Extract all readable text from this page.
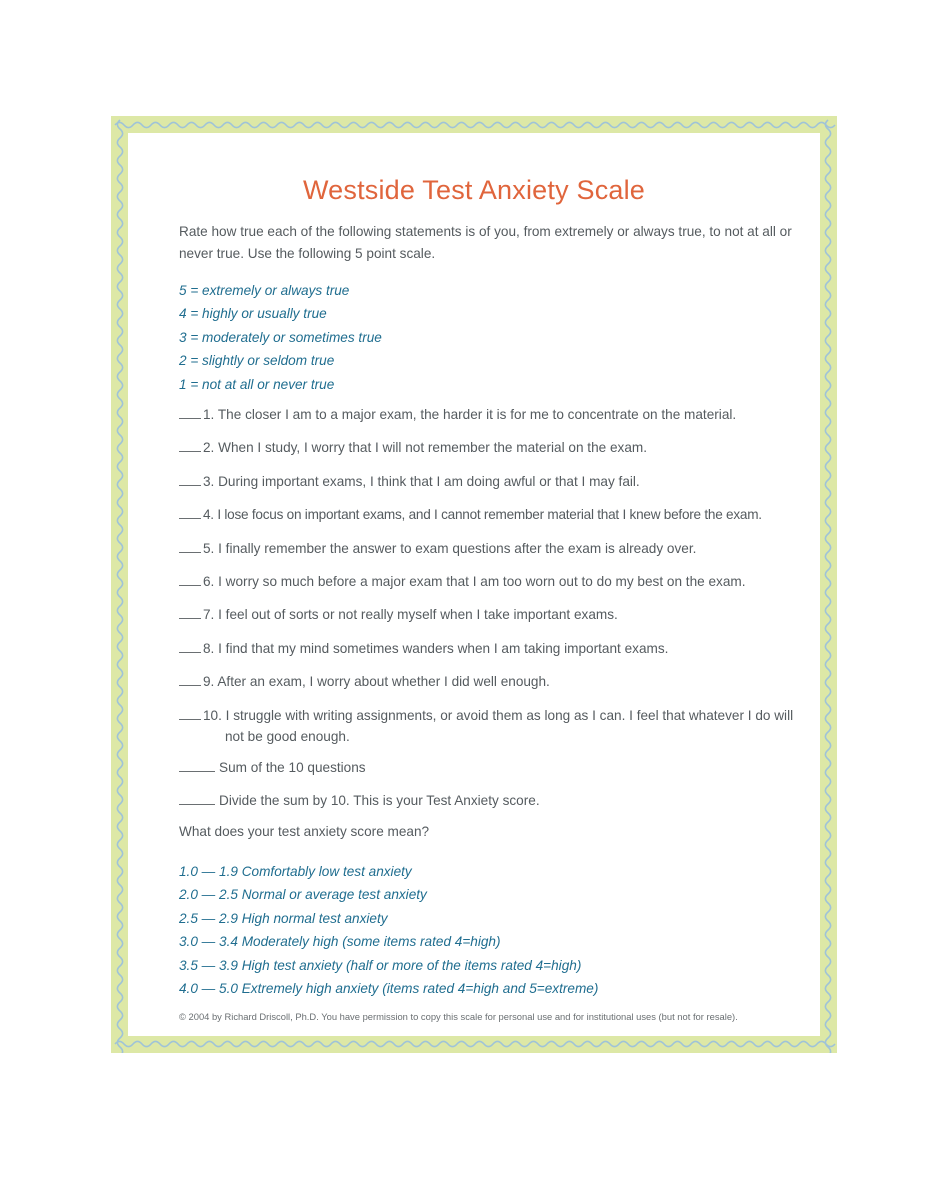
Westside Test Anxiety Scale
Rate how true each of the following statements is of you, from extremely or always true, to not at all or never true. Use the following 5 point scale.
5 = extremely or always true
4 = highly or usually true
3 = moderately or sometimes true
2 = slightly or seldom true
1 = not at all or never true
1. The closer I am to a major exam, the harder it is for me to concentrate on the material.
2. When I study, I worry that I will not remember the material on the exam.
3. During important exams, I think that I am doing awful or that I may fail.
4. I lose focus on important exams, and I cannot remember material that I knew before the exam.
5. I finally remember the answer to exam questions after the exam is already over.
6. I worry so much before a major exam that I am too worn out to do my best on the exam.
7. I feel out of sorts or not really myself when I take important exams.
8. I find that my mind sometimes wanders when I am taking important exams.
9. After an exam, I worry about whether I did well enough.
10. I struggle with writing assignments, or avoid them as long as I can. I feel that whatever I do will not be good enough.
Sum of the 10 questions
Divide the sum by 10. This is your Test Anxiety score.
What does your test anxiety score mean?
1.0 — 1.9 Comfortably low test anxiety
2.0 — 2.5 Normal or average test anxiety
2.5 — 2.9 High normal test anxiety
3.0 — 3.4 Moderately high (some items rated 4=high)
3.5 — 3.9 High test anxiety (half or more of the items rated 4=high)
4.0 — 5.0 Extremely high anxiety (items rated 4=high and 5=extreme)
© 2004 by Richard Driscoll, Ph.D. You have permission to copy this scale for personal use and for institutional uses (but not for resale).
